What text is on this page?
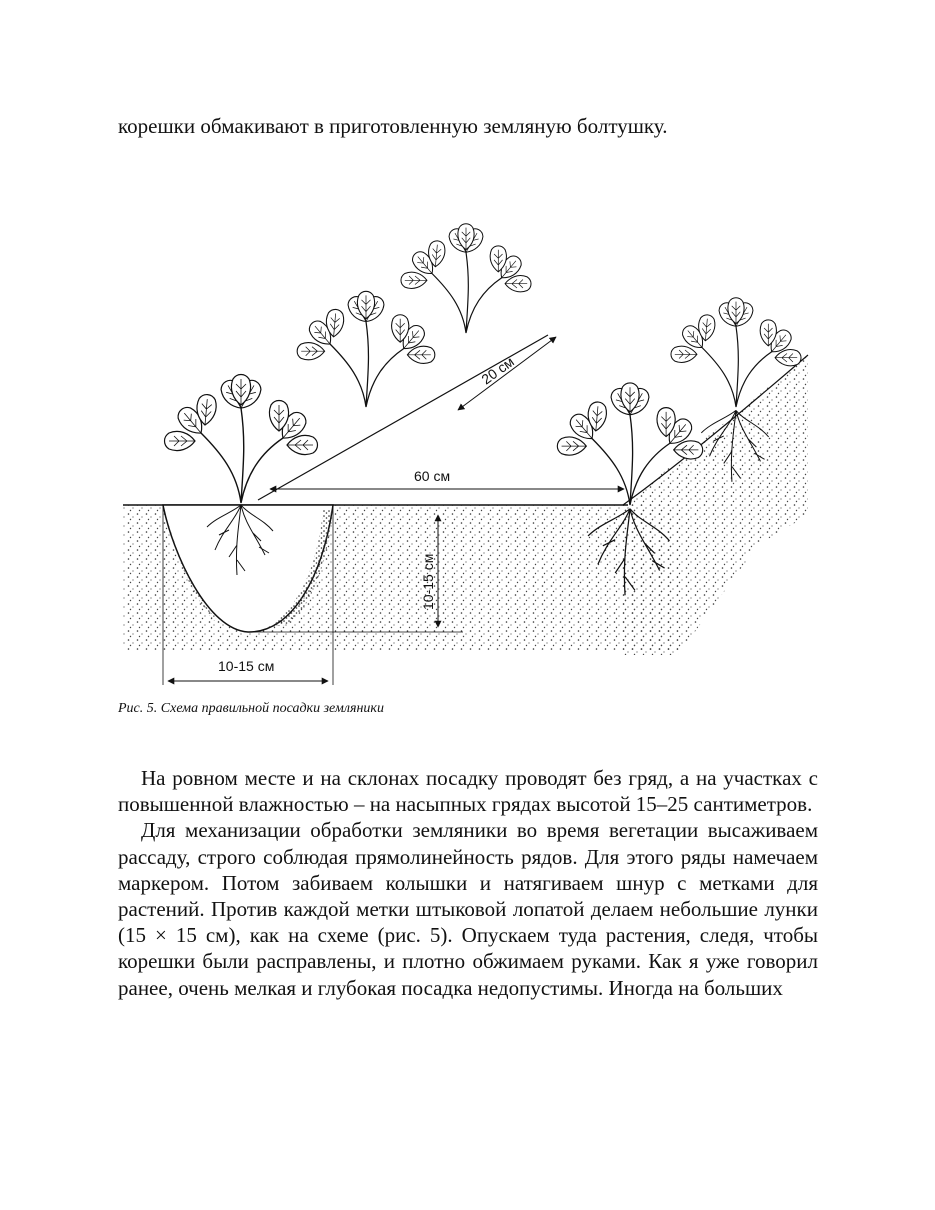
корешки обмакивают в приготовленную земляную болтушку.
20 см
60 см
10-15 см
10-15 см
Рис. 5. Схема правильной посадки земляники

На ровном месте и на склонах посадку проводят без гряд, а на участках с повышенной влажностью – на насыпных грядах высотой 15–25 сантиметров.

Для механизации обработки земляники во время вегетации высаживаем рассаду, строго соблюдая прямолинейность рядов. Для этого ряды намечаем маркером. Потом забиваем колышки и натягиваем шнур с метками для растений. Против каждой метки штыковой лопатой делаем небольшие лунки (15 × 15 см), как на схеме (рис. 5). Опускаем туда растения, следя, чтобы корешки были расправлены, и плотно обжимаем руками. Как я уже говорил ранее, очень мелкая и глубокая посадка недопустимы. Иногда на больших
